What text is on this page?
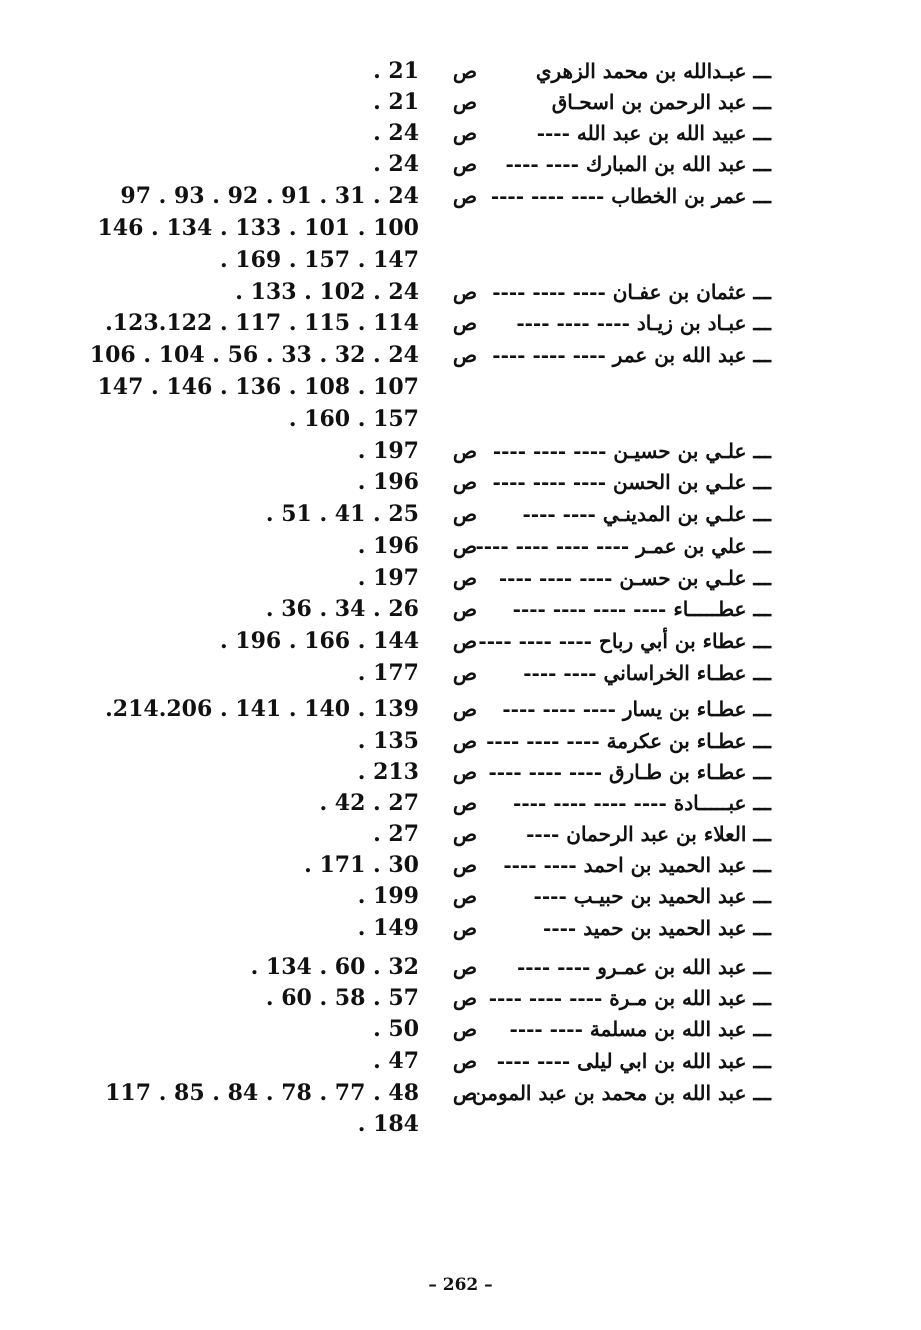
ـــ عبـدالله بن محمد الزهري
ص
. 21
ـــ عبد الرحمن بن اسحـاق
ص
. 21
ـــ عبيد الله بن عبد الله ----
ص
. 24
ـــ عبد الله بن المبارك ---- ----
ص
. 24
ـــ عمر بن الخطاب ---- ---- ----
ص
97 . 93 . 92 . 91 . 31 . 24
146 . 134 . 133 . 101 . 100
. 169 . 157 . 147
ـــ عثمان بن عفـان ---- ---- ----
ص
. 133 . 102 . 24
ـــ عبـاد بن زيـاد ---- ---- ----
ص
.123.122 . 117 . 115 . 114
ـــ عبد الله بن عمر ---- ---- ----
ص
106 . 104 . 56 . 33 . 32 . 24
147 . 146 . 136 . 108 . 107
. 160 . 157
ـــ علـي بن حسيـن ---- ---- ----
ص
. 197
ـــ علـي بن الحسن ---- ---- ----
ص
. 196
ـــ علـي بن المدينـي ---- ----
ص
. 51 . 41 . 25
ـــ علي بن عمـر ---- ---- ---- ----
ص
. 196
ـــ علـي بن حسـن ---- ---- ----
ص
. 197
ـــ عطـــــاء ---- ---- ---- ----
ص
. 36 . 34 . 26
ـــ عطاء بن أبي رباح ---- ---- ----
ص
. 196 . 166 . 144
ـــ عطـاء الخراساني ---- ----
ص
. 177
ـــ عطـاء بن يسار ---- ---- ----
ص
.214.206 . 141 . 140 . 139
ـــ عطـاء بن عكرمة ---- ---- ----
ص
. 135
ـــ عطـاء بن طـارق ---- ---- ----
ص
. 213
ـــ عبـــــادة ---- ---- ---- ----
ص
. 42 . 27
ـــ العلاء بن عبد الرحمان ----
ص
. 27
ـــ عبد الحميد بن احمد ---- ----
ص
. 171 . 30
ـــ عبد الحميد بن حبيـب ----
ص
. 199
ـــ عبد الحميد بن حميد ----
ص
. 149
ـــ عبد الله بن عمـرو ---- ----
ص
. 134 . 60 . 32
ـــ عبد الله بن مـرة ---- ---- ----
ص
. 60 . 58 . 57
ـــ عبد الله بن مسلمة ---- ----
ص
. 50
ـــ عبد الله بن ابي ليلى ---- ----
ص
. 47
ـــ عبد الله بن محمد بن عبد المومن
ص
117 . 85 . 84 . 78 . 77 . 48
. 184
– 262 –
